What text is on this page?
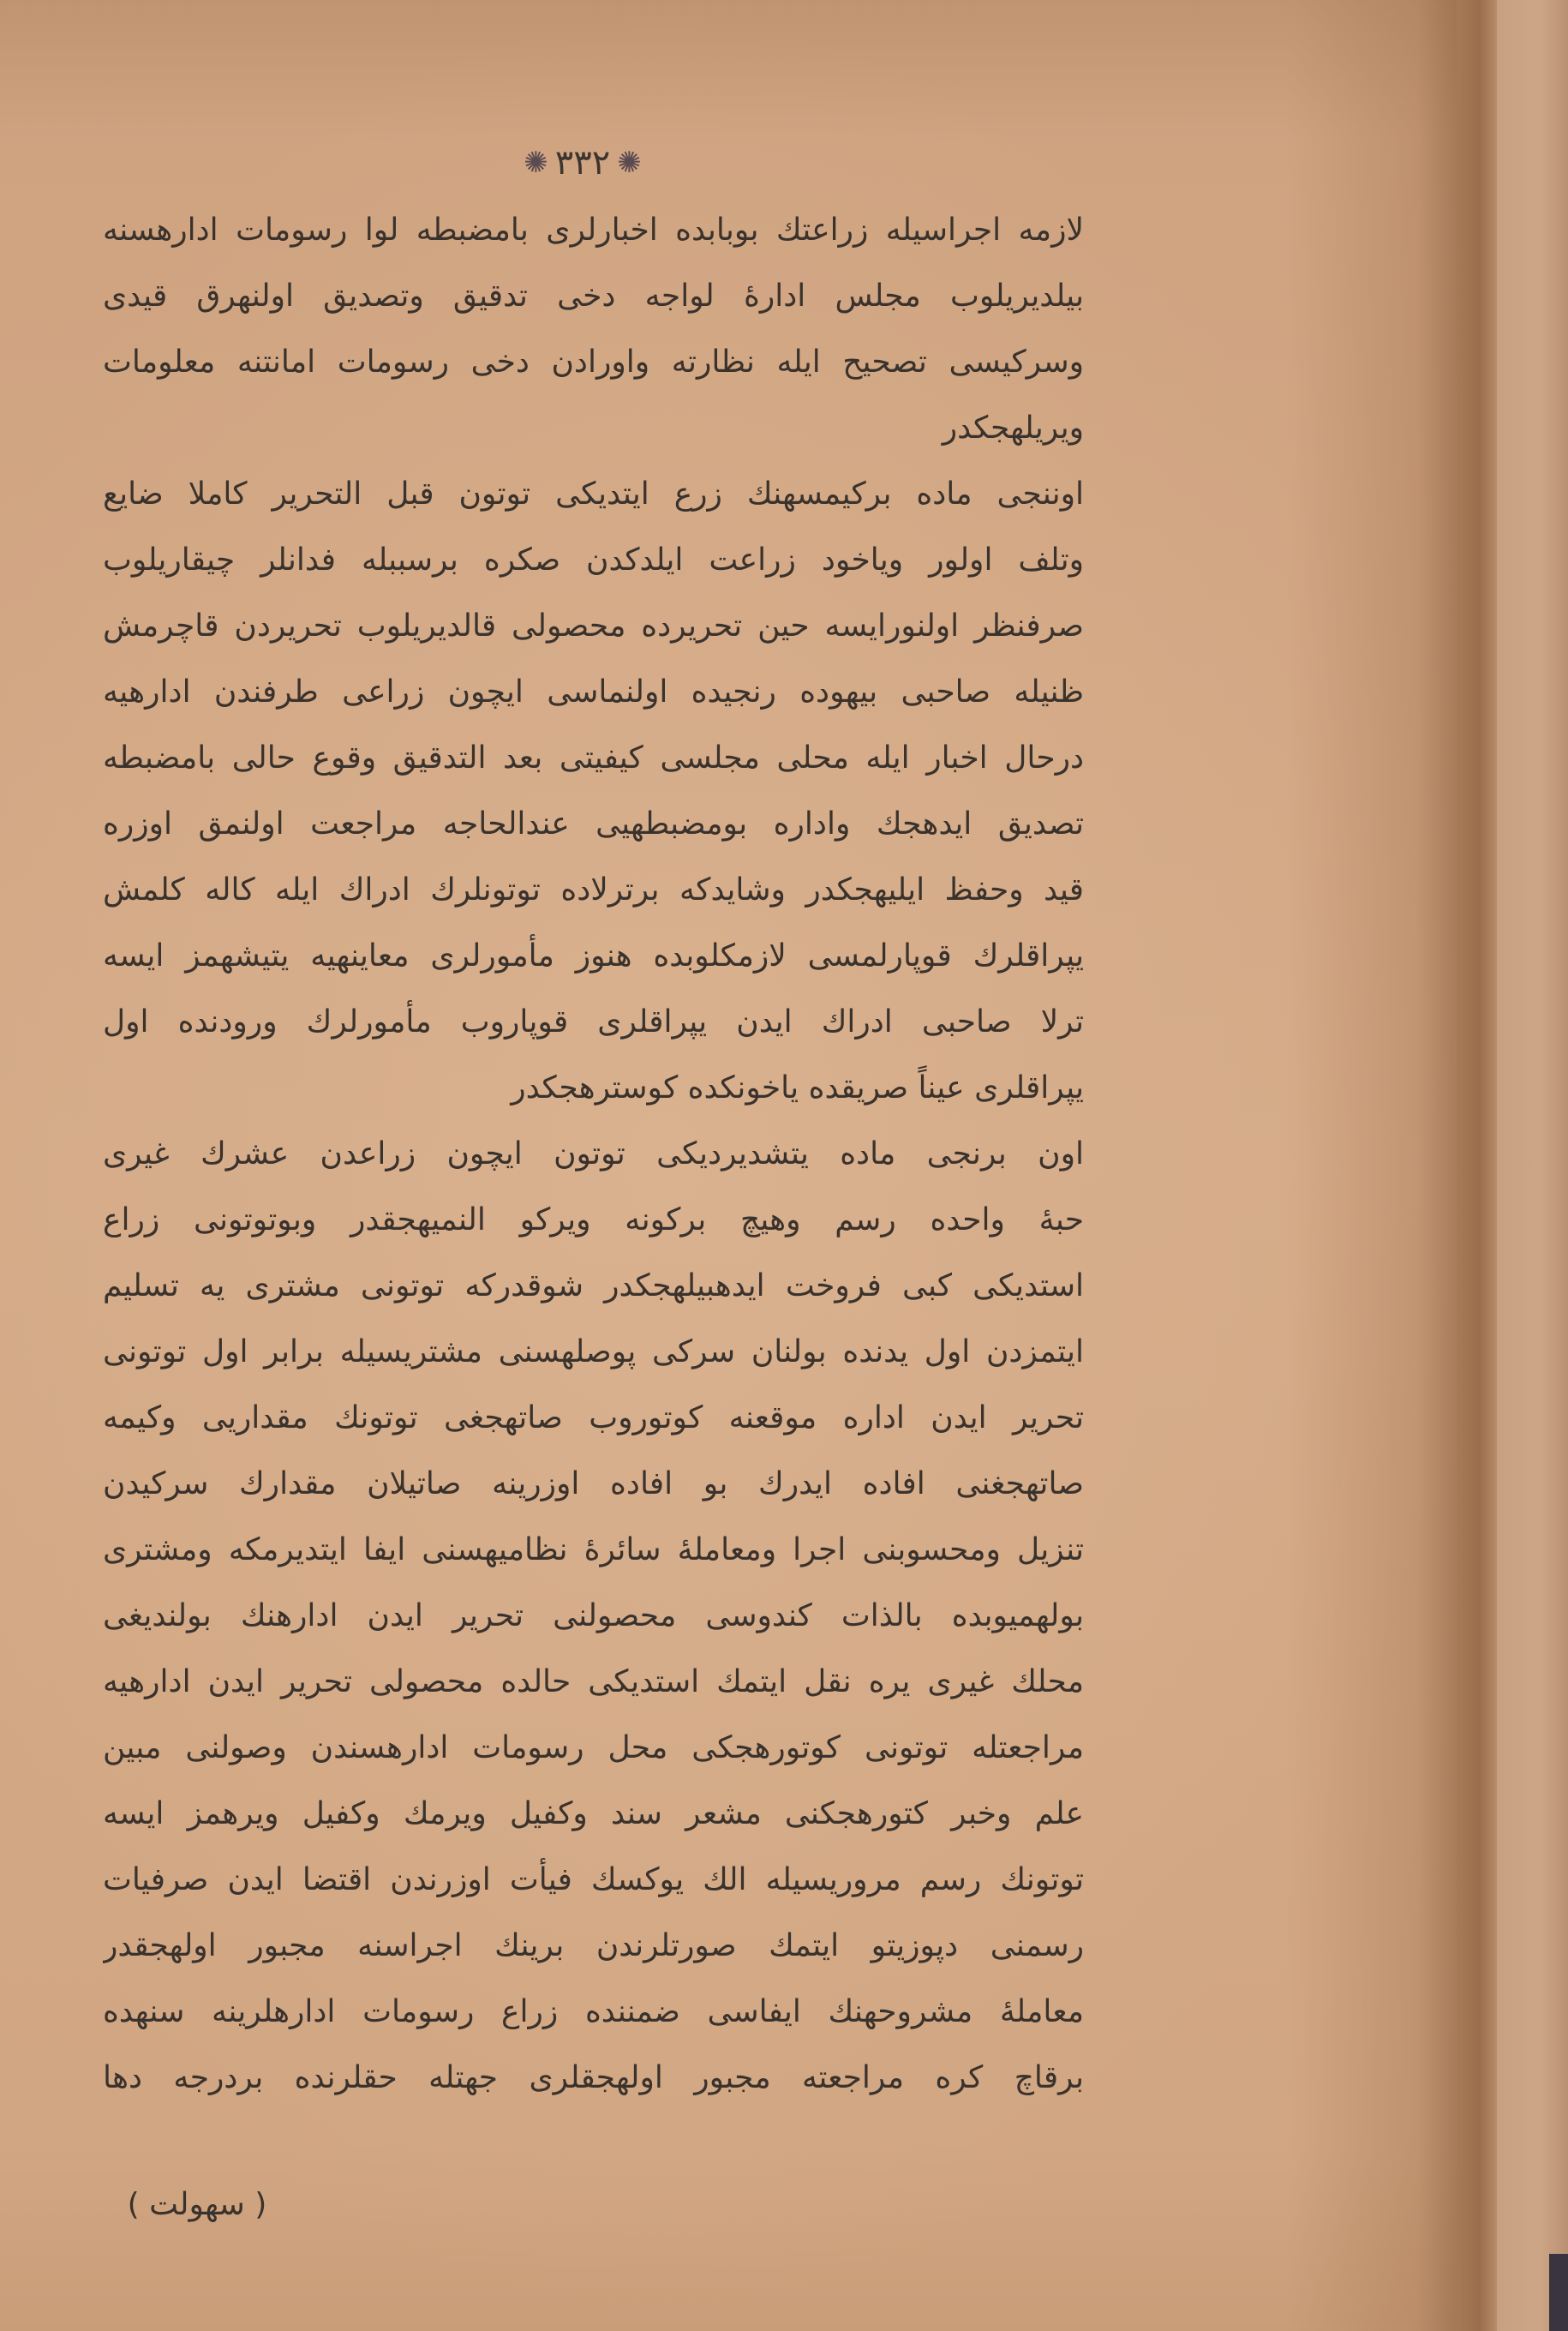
✺
٣٣٢
✺
لازمه اجراسیله زراعتك بوبابده اخبارلری بامضبطه لوا رسومات ادارهسنه
بیلدیریلوب مجلس ادارهٔ لواجه دخی تدقیق وتصدیق اولنهرق قیدی
وسرکیسی تصحیح ایله نظارته واورادن دخی رسومات امانتنه معلومات
ویریلهجکدر
اوننجی ماده برکیمسهنك زرع ایتدیکی توتون قبل التحریر کاملا ضایع
وتلف اولور ویاخود زراعت ایلدکدن صکره برسببله فدانلر چیقاریلوب
صرفنظر اولنورایسه حین تحریرده محصولی قالدیریلوب تحریردن قاچرمش
ظنیله صاحبی بیهوده رنجیده اولنماسی ایچون زراعی طرفندن ادارهیه
درحال اخبار ایله محلی مجلسی کیفیتی بعد التدقیق وقوع حالی بامضبطه
تصدیق ایدهجك واداره بومضبطهیی عندالحاجه مراجعت اولنمق اوزره
قید وحفظ ایلیهجکدر وشایدکه برترلاده توتونلرك ادراك ایله کاله کلمش
یپراقلرك قوپارلمسی لازمکلوبده هنوز مأمورلری معاینهیه یتیشهمز ایسه
ترلا صاحبی ادراك ایدن یپراقلری قوپاروب مأمورلرك ورودنده اول
یپراقلری عیناً صریقده یاخونکده کوسترهجکدر
اون برنجی ماده یتشدیردیکی توتون ایچون زراعدن عشرك غیری
حبهٔ واحده رسم وهیچ برکونه ویرکو النمیهجقدر وبوتوتونی زراع
استدیکی کبی فروخت ایدهبیلهجکدر شوقدرکه توتونی مشتری یه تسلیم
ایتمزدن اول یدنده بولنان سرکی پوصلهسنی مشتریسیله برابر اول توتونی
تحریر ایدن اداره موقعنه کوتوروب صاتهجغی توتونك مقداریی وکیمه
صاتهجغنی افاده ایدرك بو افاده اوزرینه صاتیلان مقدارك سرکیدن
تنزیل ومحسوبنی اجرا ومعاملهٔ سائرهٔ نظامیهسنی ایفا ایتدیرمکه ومشتری
بولهمیوبده بالذات کندوسی محصولنی تحریر ایدن ادارهنك بولندیغی
محلك غیری یره نقل ایتمك استدیکی حالده محصولی تحریر ایدن ادارهیه
مراجعتله توتونی کوتورهجکی محل رسومات ادارهسندن وصولنی مبین
علم وخبر کتورهجکنی مشعر سند وکفیل ویرمك وکفیل ویرهمز ایسه
توتونك رسم مروریسیله الك یوکسك فیأت اوزرندن اقتضا ایدن صرفیات
رسمنی دپوزیتو ایتمك صورتلرندن برینك اجراسنه مجبور اولهجقدر
معاملهٔ مشروحهنك ایفاسی ضمننده زراع رسومات ادارهلرینه سنهده
برقاچ کره مراجعته مجبور اولهجقلری جهتله حقلرنده بردرجه دها
( سهولت )
